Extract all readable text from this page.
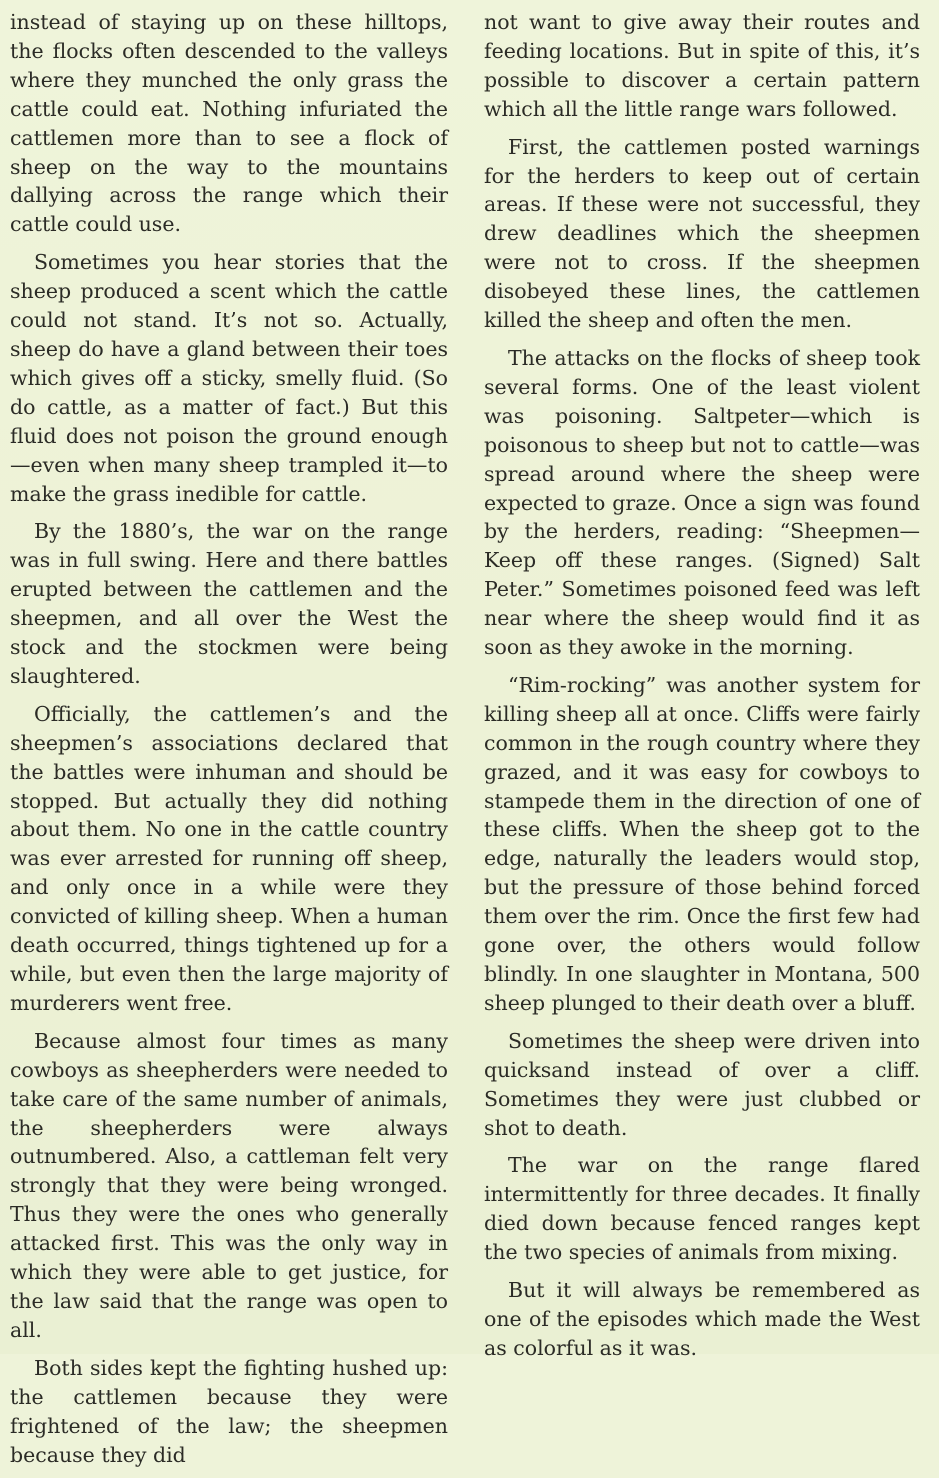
instead of staying up on these hilltops, the flocks often descended to the valleys where they munched the only grass the cattle could eat. Nothing infuriated the cattlemen more than to see a flock of sheep on the way to the mountains dallying across the range which their cattle could use.

Sometimes you hear stories that the sheep produced a scent which the cattle could not stand. It’s not so. Actually, sheep do have a gland between their toes which gives off a sticky, smelly fluid. (So do cattle, as a matter of fact.) But this fluid does not poison the ground enough—even when many sheep trampled it—to make the grass inedible for cattle.

By the 1880’s, the war on the range was in full swing. Here and there battles erupted between the cattlemen and the sheepmen, and all over the West the stock and the stockmen were being slaughtered.

Officially, the cattlemen’s and the sheepmen’s associations declared that the battles were inhuman and should be stopped. But actually they did nothing about them. No one in the cattle country was ever arrested for running off sheep, and only once in a while were they convicted of killing sheep. When a human death occurred, things tightened up for a while, but even then the large majority of murderers went free.

Because almost four times as many cowboys as sheepherders were needed to take care of the same number of animals, the sheepherders were always outnumbered. Also, a cattleman felt very strongly that they were being wronged. Thus they were the ones who generally attacked first. This was the only way in which they were able to get justice, for the law said that the range was open to all.

Both sides kept the fighting hushed up: the cattlemen because they were frightened of the law; the sheepmen because they did

not want to give away their routes and feeding locations. But in spite of this, it’s possible to discover a certain pattern which all the little range wars followed.

First, the cattlemen posted warnings for the herders to keep out of certain areas. If these were not successful, they drew deadlines which the sheepmen were not to cross. If the sheepmen disobeyed these lines, the cattlemen killed the sheep and often the men.

The attacks on the flocks of sheep took several forms. One of the least violent was poisoning. Saltpeter—which is poisonous to sheep but not to cattle—was spread around where the sheep were expected to graze. Once a sign was found by the herders, reading: “Sheepmen—Keep off these ranges. (Signed) Salt Peter.” Sometimes poisoned feed was left near where the sheep would find it as soon as they awoke in the morning.

“Rim-rocking” was another system for killing sheep all at once. Cliffs were fairly common in the rough country where they grazed, and it was easy for cowboys to stampede them in the direction of one of these cliffs. When the sheep got to the edge, naturally the leaders would stop, but the pressure of those behind forced them over the rim. Once the first few had gone over, the others would follow blindly. In one slaughter in Montana, 500 sheep plunged to their death over a bluff.

Sometimes the sheep were driven into quicksand instead of over a cliff. Sometimes they were just clubbed or shot to death.

The war on the range flared intermittently for three decades. It finally died down because fenced ranges kept the two species of animals from mixing.

But it will always be remembered as one of the episodes which made the West as colorful as it was.
